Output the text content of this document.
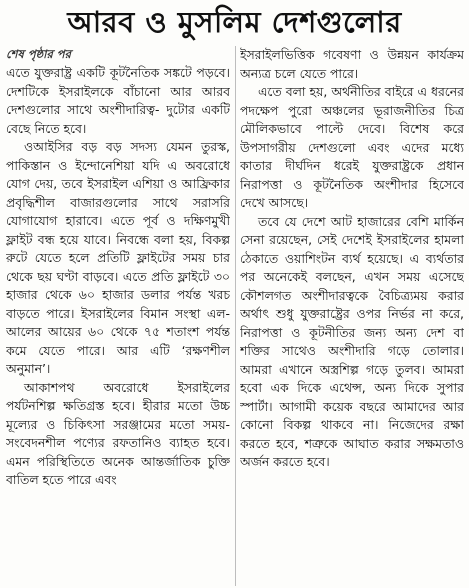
আরব ও মুসলিম দেশগুলোর
শেষ পৃষ্ঠার পর

এতে যুক্তরাষ্ট্র একটি কূটনৈতিক সঙ্কটে পড়বে। দেশটিকে ইসরাইলকে বাঁচানো আর আরব দেশগুলোর সাথে অংশীদারিত্ব- দুটোর একটি বেছে নিতে হবে।

ওআইসির বড় বড় সদস্য যেমন তুরস্ক, পাকিস্তান ও ইন্দোনেশিয়া যদি এ অবরোধে যোগ দেয়, তবে ইসরাইল এশিয়া ও আফ্রিকার প্রবৃদ্ধিশীল বাজারগুলোর সাথে সরাসরি যোগাযোগ হারাবে। এতে পূর্ব ও দক্ষিণমুখী ফ্লাইট বন্ধ হয়ে যাবে। নিবন্ধে বলা হয়, বিকল্প রুটে যেতে হলে প্রতিটি ফ্লাইটের সময় চার থেকে ছয় ঘণ্টা বাড়বে। এতে প্রতি ফ্লাইটে ৩০ হাজার থেকে ৬০ হাজার ডলার পর্যন্ত খরচ বাড়তে পারে। ইসরাইলের বিমান সংস্থা এল-আলের আয়ের ৬০ থেকে ৭৫ শতাংশ পর্যন্ত কমে যেতে পারে। আর এটি ‘রক্ষণশীল অনুমান’।

আকাশপথ অবরোধে ইসরাইলের পর্যটনশিল্প ক্ষতিগ্রস্ত হবে। হীরার মতো উচ্চ মূল্যের ও চিকিৎসা সরঞ্জামের মতো সময়-সংবেদনশীল পণ্যের রফতানিও ব্যাহত হবে। এমন পরিস্থিতিতে অনেক আন্তর্জাতিক চুক্তি বাতিল হতে পারে এবং

ইসরাইলভিত্তিক গবেষণা ও উন্নয়ন কার্যক্রম অন্যত্র চলে যেতে পারে।

এতে বলা হয়, অর্থনীতির বাইরে এ ধরনের পদক্ষেপ পুরো অঞ্চলের ভূরাজনীতির চিত্র মৌলিকভাবে পাল্টে দেবে। বিশেষ করে উপসাগরীয় দেশগুলো এবং এদের মধ্যে কাতার দীর্ঘদিন ধরেই যুক্তরাষ্ট্রকে প্রধান নিরাপত্তা ও কূটনৈতিক অংশীদার হিসেবে দেখে আসছে।

তবে যে দেশে আট হাজারের বেশি মার্কিন সেনা রয়েছেন, সেই দেশেই ইসরাইলের হামলা ঠেকাতে ওয়াশিংটন ব্যর্থ হয়েছে। এ ব্যর্থতার পর অনেকেই বলছেন, এখন সময় এসেছে কৌশলগত অংশীদারত্বকে বৈচিত্র্যময় করার অর্থাৎ শুধু যুক্তরাষ্ট্রের ওপর নির্ভর না করে, নিরাপত্তা ও কূটনীতির জন্য অন্য দেশ বা শক্তির সাথেও অংশীদারি গড়ে তোলার। আমরা এখানে অস্ত্রশিল্প গড়ে তুলব। আমরা হবো এক দিকে এথেন্স, অন্য দিকে সুপার স্পার্টা। আগামী কয়েক বছরে আমাদের আর কোনো বিকল্প থাকবে না। নিজেদের রক্ষা করতে হবে, শত্রুকে আঘাত করার সক্ষমতাও অর্জন করতে হবে।
